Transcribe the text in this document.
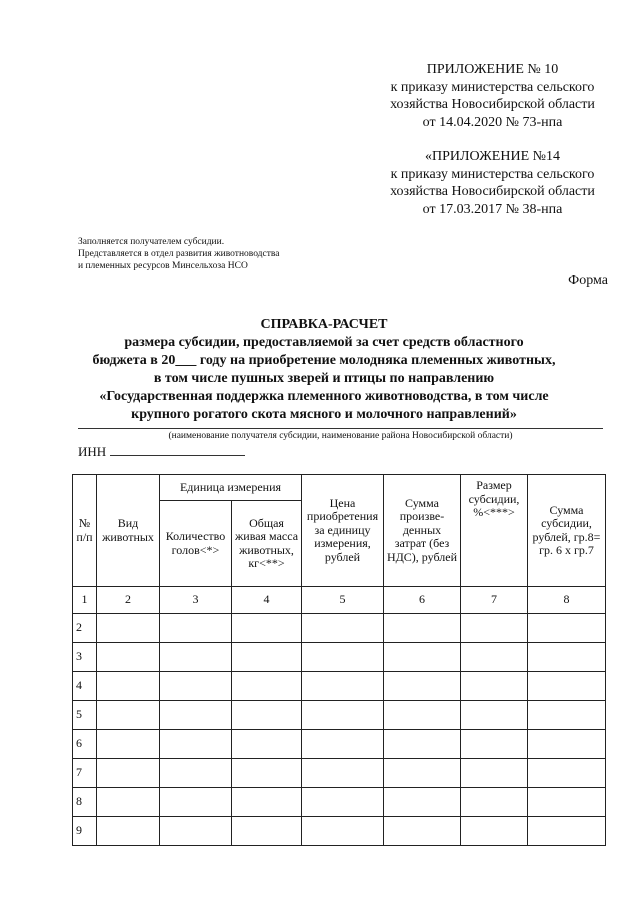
ПРИЛОЖЕНИЕ № 10
к приказу министерства сельского
хозяйства Новосибирской области
от 14.04.2020 № 73-нпа
«ПРИЛОЖЕНИЕ №14
к приказу министерства сельского
хозяйства Новосибирской области
от 17.03.2017 № 38-нпа
Заполняется получателем субсидии.
Представляется в отдел развития животноводства
и племенных ресурсов Минсельхоза НСО
Форма
СПРАВКА-РАСЧЕТ
размера субсидии, предоставляемой за счет средств областного
бюджета в 20___ году на приобретение молодняка племенных животных,
в том числе пушных зверей и птицы по направлению
«Государственная поддержка племенного животноводства, в том числе
крупного рогатого скота мясного и молочного направлений»
(наименование получателя субсидии, наименование района Новосибирской области)
ИНН
№ п/п	Вид животных	Единица измерения		Цена приобретения за единицу измерения, рублей	Сумма произве-денных затрат (без НДС), рублей	Размер субсидии, %<***>	Сумма субсидии, рублей, гр.8= гр. 6 х гр.7
		Количество голов<*>	Общая живая масса животных, кг<**>				
1	2	3	4	5	6	7	8
2							
3							
4							
5							
6							
7							
8							
9							
